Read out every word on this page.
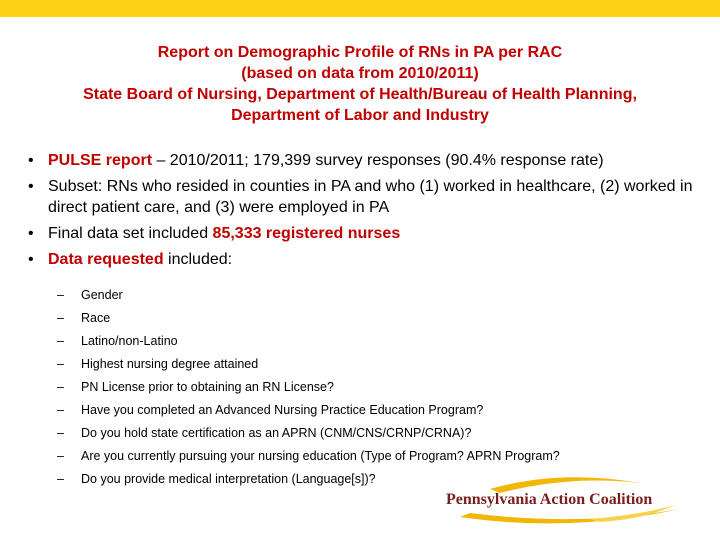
Report on Demographic Profile of RNs in PA per RAC
(based on data from 2010/2011)
State Board of Nursing, Department of Health/Bureau of Health Planning,
Department of Labor and Industry
• PULSE report – 2010/2011; 179,399 survey responses (90.4% response rate)
• Subset: RNs who resided in counties in PA and who (1) worked in healthcare, (2) worked in direct patient care, and (3) were employed in PA
• Final data set included 85,333 registered nurses
• Data requested included:
– Gender
– Race
– Latino/non-Latino
– Highest nursing degree attained
– PN License prior to obtaining an RN License?
– Have you completed an Advanced Nursing Practice Education Program?
– Do you hold state certification as an APRN (CNM/CNS/CRNP/CRNA)?
– Are you currently pursuing your nursing education (Type of Program? APRN Program?
– Do you provide medical interpretation (Language[s])?
Pennsylvania Action Coalition
